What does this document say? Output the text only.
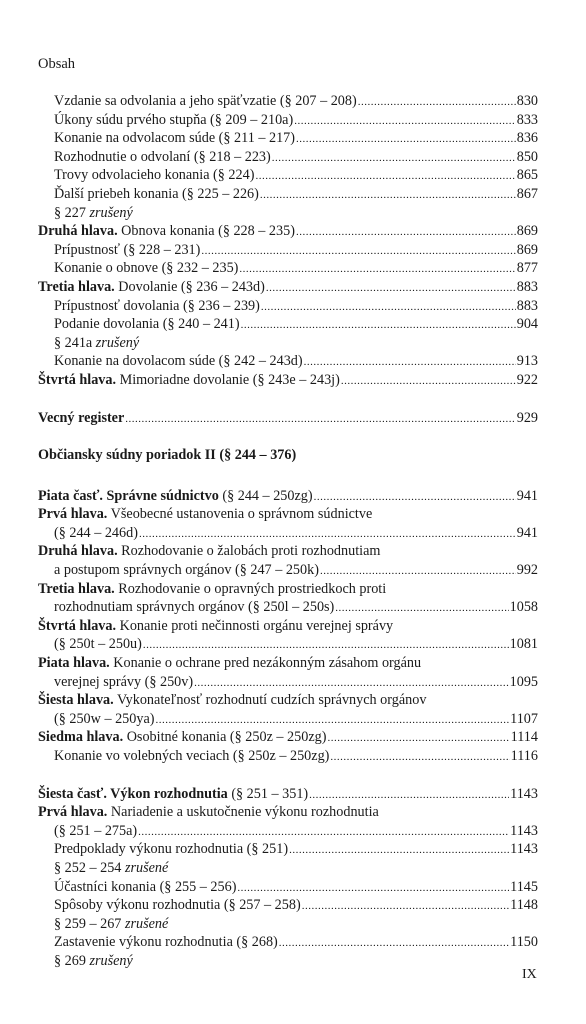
Obsah
Vzdanie sa odvolania a jeho späťvzatie (§ 207 – 208) .....	830
Úkony súdu prvého stupňa (§ 209 – 210a) .....	833
Konanie na odvolacom súde (§ 211 – 217) .....	836
Rozhodnutie o odvolaní (§ 218 – 223) .....	850
Trovy odvolacieho konania (§ 224) .....	865
Ďalší priebeh konania (§ 225 – 226) .....	867
§ 227 zrušený
Druhá hlava. Obnova konania (§ 228 – 235) .....	869
Prípustnosť (§ 228 – 231) .....	869
Konanie o obnove (§ 232 – 235) .....	877
Tretia hlava. Dovolanie (§ 236 – 243d) .....	883
Prípustnosť dovolania (§ 236 – 239) .....	883
Podanie dovolania (§ 240 – 241) .....	904
§ 241a zrušený
Konanie na dovolacom súde (§ 242 – 243d) .....	913
Štvrtá hlava. Mimoriadne dovolanie (§ 243e – 243j) .....	922
Vecný register .....	929
Občiansky súdny poriadok II (§ 244 – 376)
Piata časť. Správne súdnictvo (§ 244 – 250zg) .....	941
Prvá hlava. Všeobecné ustanovenia o správnom súdnictve
(§ 244 – 246d) .....	941
Druhá hlava. Rozhodovanie o žalobách proti rozhodnutiam
a postupom správnych orgánov (§ 247 – 250k) .....	992
Tretia hlava. Rozhodovanie o opravných prostriedkoch proti
rozhodnutiam správnych orgánov (§ 250l – 250s) .....	1058
Štvrtá hlava. Konanie proti nečinnosti orgánu verejnej správy
(§ 250t – 250u) .....	1081
Piata hlava. Konanie o ochrane pred nezákonným zásahom orgánu
verejnej správy (§ 250v) .....	1095
Šiesta hlava. Vykonateľnosť rozhodnutí cudzích správnych orgánov
(§ 250w – 250ya) .....	1107
Siedma hlava. Osobitné konania (§ 250z – 250zg) .....	1114
Konanie vo volebných veciach (§ 250z – 250zg) .....	1116
Šiesta časť. Výkon rozhodnutia (§ 251 – 351) .....	1143
Prvá hlava. Nariadenie a uskutočnenie výkonu rozhodnutia
(§ 251 – 275a) .....	1143
Predpoklady výkonu rozhodnutia (§ 251) .....	1143
§ 252 – 254 zrušené
Účastníci konania (§ 255 – 256) .....	1145
Spôsoby výkonu rozhodnutia (§ 257 – 258) .....	1148
§ 259 – 267 zrušené
Zastavenie výkonu rozhodnutia (§ 268) .....	1150
§ 269 zrušený
IX
